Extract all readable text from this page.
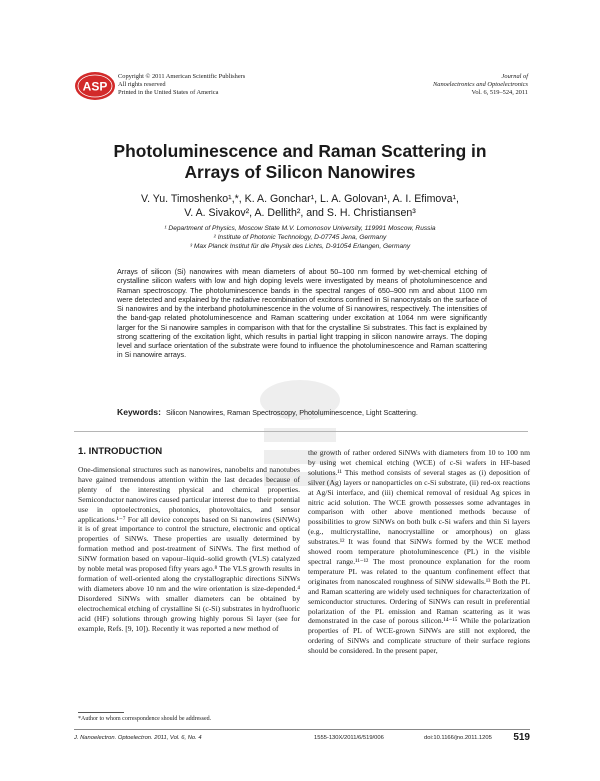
ASP
Copyright © 2011 American Scientific Publishers
All rights reserved
Printed in the United States of America
Journal of
Nanoelectronics and Optoelectronics
Vol. 6, 519–524, 2011
Photoluminescence and Raman Scattering in
Arrays of Silicon Nanowires
V. Yu. Timoshenko¹,*, K. A. Gonchar¹, L. A. Golovan¹, A. I. Efimova¹,
V. A. Sivakov², A. Dellith², and S. H. Christiansen³
¹ Department of Physics, Moscow State M.V. Lomonosov University, 119991 Moscow, Russia
² Institute of Photonic Technology, D-07745 Jena, Germany
³ Max Planck Institut für die Physik des Lichts, D-91054 Erlangen, Germany
Arrays of silicon (Si) nanowires with mean diameters of about 50–100 nm formed by wet-chemical etching of crystalline silicon wafers with low and high doping levels were investigated by means of photoluminescence and Raman spectroscopy. The photoluminescence bands in the spectral ranges of 650–900 nm and about 1100 nm were detected and explained by the radiative recombination of excitons confined in Si nanocrystals on the surface of Si nanowires and by the interband photoluminescence in the volume of Si nanowires, respectively. The intensities of the band-gap related photoluminescence and Raman scattering under excitation at 1064 nm were significantly larger for the Si nanowire samples in comparison with that for the crystalline Si substrates. This fact is explained by strong scattering of the excitation light, which results in partial light trapping in silicon nanowire arrays. The doping level and surface orientation of the substrate were found to influence the photoluminescence and Raman scattering in Si nanowire arrays.
Keywords: Silicon Nanowires, Raman Spectroscopy, Photoluminescence, Light Scattering.
1. INTRODUCTION
One-dimensional structures such as nanowires, nanobelts and nanotubes have gained tremendous attention within the last decades because of plenty of the interesting physical and chemical properties. Semiconductor nanowires caused particular interest due to their potential use in optoelectronics, photonics, photovoltaics, and sensor applications.¹⁻⁷ For all device concepts based on Si nanowires (SiNWs) it is of great importance to control the structure, electronic and optical properties of SiNWs. These properties are usually determined by formation method and post-treatment of SiNWs. The first method of SiNW formation based on vapour–liquid–solid growth (VLS) catalyzed by noble metal was proposed fifty years ago.⁸ The VLS growth results in formation of well-oriented along the crystallographic directions SiNWs with diameters above 10 nm and the wire orientation is size-depended.⁴ Disordered SiNWs with smaller diameters can be obtained by electrochemical etching of crystalline Si (c-Si) substrates in hydrofluoric acid (HF) solutions through growing highly porous Si layer (see for example, Refs. [9, 10]). Recently it was reported a new method of
the growth of rather ordered SiNWs with diameters from 10 to 100 nm by using wet chemical etching (WCE) of c-Si wafers in HF-based solutions.¹¹ This method consists of several stages as (i) deposition of silver (Ag) layers or nanoparticles on c-Si substrate, (ii) red-ox reactions at Ag/Si interface, and (iii) chemical removal of residual Ag spices in nitric acid solution. The WCE growth possesses some advantages in comparison with other above mentioned methods because of possibilities to grow SiNWs on both bulk c-Si wafers and thin Si layers (e.g., multicrystalline, nanocrystalline or amorphous) on glass substrates.¹² It was found that SiNWs formed by the WCE method showed room temperature photoluminescence (PL) in the visible spectral range.¹¹⁻¹² The most pronounce explanation for the room temperature PL was related to the quantum confinement effect that originates from nanoscaled roughness of SiNW sidewalls.¹³ Both the PL and Raman scattering are widely used techniques for characterization of semiconductor structures. Ordering of SiNWs can result in preferential polarization of the PL emission and Raman scattering as it was demonstrated in the case of porous silicon.¹⁴⁻¹⁵ While the polarization properties of PL of WCE-grown SiNWs are still not explored, the ordering of SiNWs and complicate structure of their surface regions should be considered. In the present paper,
*Author to whom correspondence should be addressed.
J. Nanoelectron. Optoelectron. 2011, Vol. 6, No. 4	1555-130X/2011/6/519/006	doi:10.1166/jno.2011.1205 519
